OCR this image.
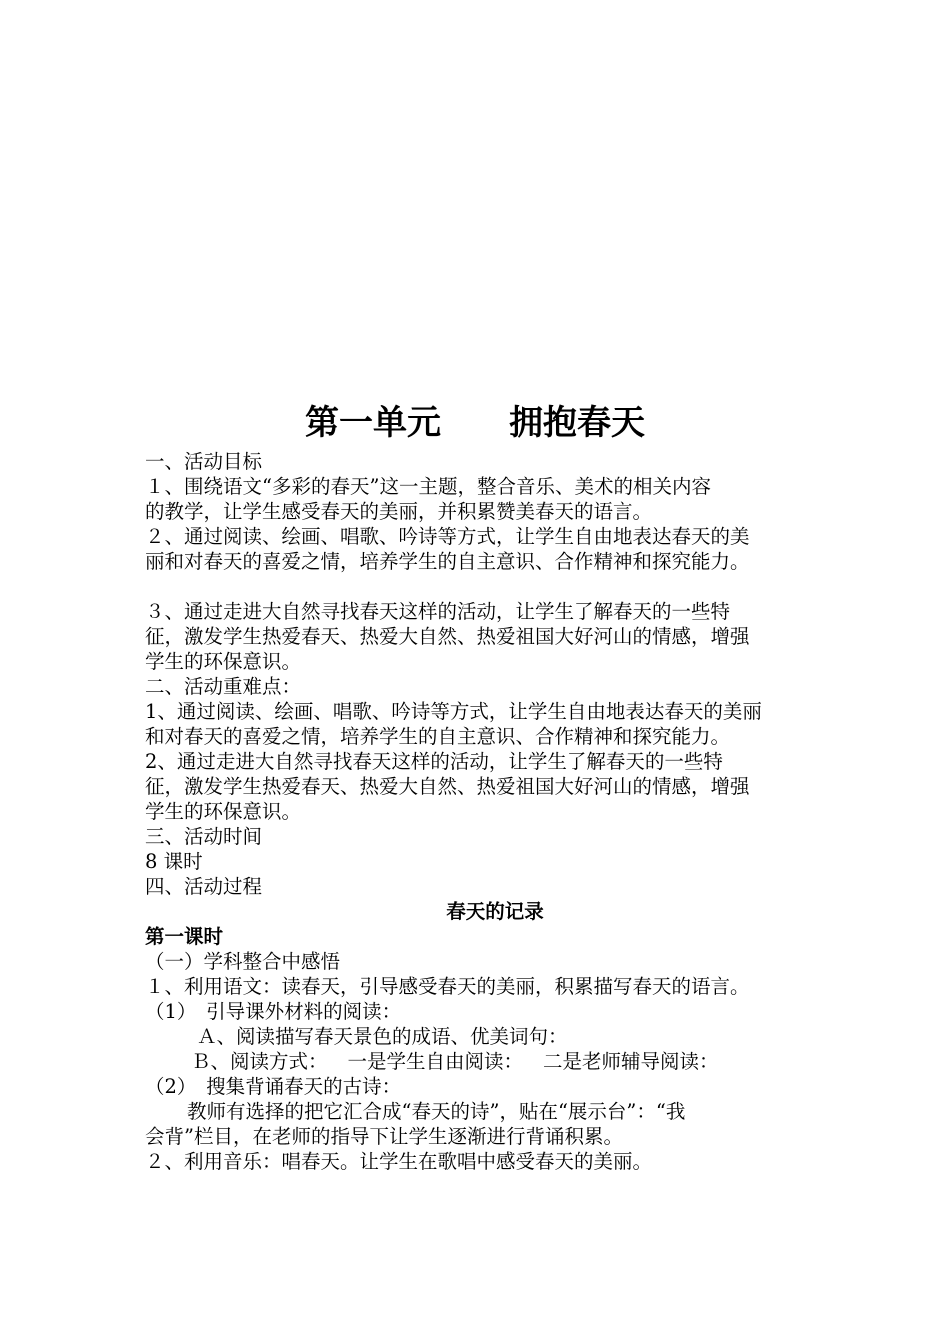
第一单元　　拥抱春天
一、活动目标
１、围绕语文“多彩的春天”这一主题，整合音乐、美术的相关内容
的教学，让学生感受春天的美丽，并积累赞美春天的语言。
２、通过阅读、绘画、唱歌、吟诗等方式，让学生自由地表达春天的美
丽和对春天的喜爱之情，培养学生的自主意识、合作精神和探究能力。
３、通过走进大自然寻找春天这样的活动，让学生了解春天的一些特
征，激发学生热爱春天、热爱大自然、热爱祖国大好河山的情感，增强
学生的环保意识。
二、活动重难点：
1、通过阅读、绘画、唱歌、吟诗等方式，让学生自由地表达春天的美丽
和对春天的喜爱之情，培养学生的自主意识、合作精神和探究能力。
2、通过走进大自然寻找春天这样的活动，让学生了解春天的一些特
征，激发学生热爱春天、热爱大自然、热爱祖国大好河山的情感，增强
学生的环保意识。
三、活动时间
8 课时
四、活动过程
春天的记录
第一课时
（一）学科整合中感悟
１、利用语文：读春天，引导感受春天的美丽，积累描写春天的语言。
（1）　引导课外材料的阅读：
Ａ、阅读描写春天景色的成语、优美词句：
Ｂ、阅读方式： 一是学生自由阅读： 二是老师辅导阅读：
（2）　搜集背诵春天的古诗：
教师有选择的把它汇合成“春天的诗”，贴在“展示台”：“我
会背”栏目，在老师的指导下让学生逐渐进行背诵积累。
２、利用音乐：唱春天。让学生在歌唱中感受春天的美丽。
